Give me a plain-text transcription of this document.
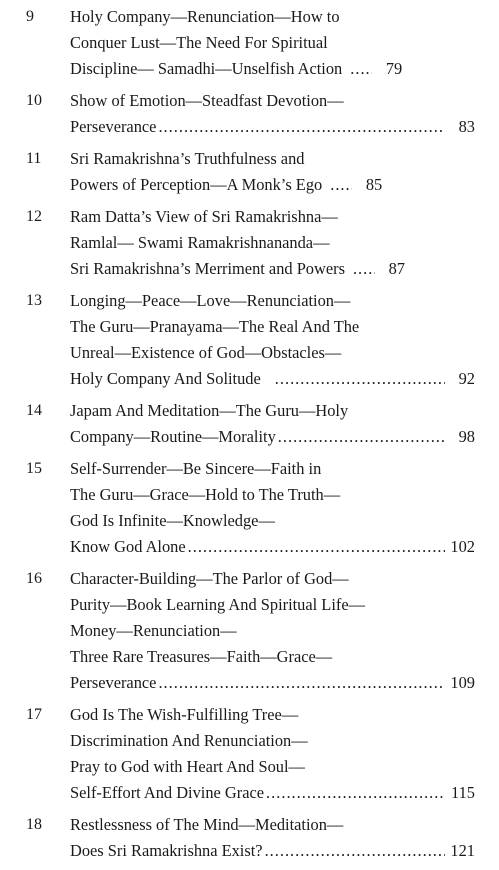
9	Holy Company—Renunciation—How to
Conquer Lust—The Need For Spiritual
Discipline— Samadhi—Unselfish Action .....	79
10	Show of Emotion—Steadfast Devotion—
Perseverance .....	83
11	Sri Ramakrishna’s Truthfulness and
Powers of Perception—A Monk’s Ego .....	85
12	Ram Datta’s View of Sri Ramakrishna—
Ramlal— Swami Ramakrishnananda—
Sri Ramakrishna’s Merriment and Powers .....	87
13	Longing—Peace—Love—Renunciation—
The Guru—Pranayama—The Real And The
Unreal—Existence of God—Obstacles—
Holy Company And Solitude .....	92
14	Japam And Meditation—The Guru—Holy
Company—Routine—Morality .....	98
15	Self-Surrender—Be Sincere—Faith in
The Guru—Grace—Hold to The Truth—
God Is Infinite—Knowledge—
Know God Alone .....	102
16	Character-Building—The Parlor of God—
Purity—Book Learning And Spiritual Life—
Money—Renunciation—
Three Rare Treasures—Faith—Grace—
Perseverance .....	109
17	God Is The Wish-Fulfilling Tree—
Discrimination And Renunciation—
Pray to God with Heart And Soul—
Self-Effort And Divine Grace .....	115
18	Restlessness of The Mind—Meditation—
Does Sri Ramakrishna Exist? .....	121
